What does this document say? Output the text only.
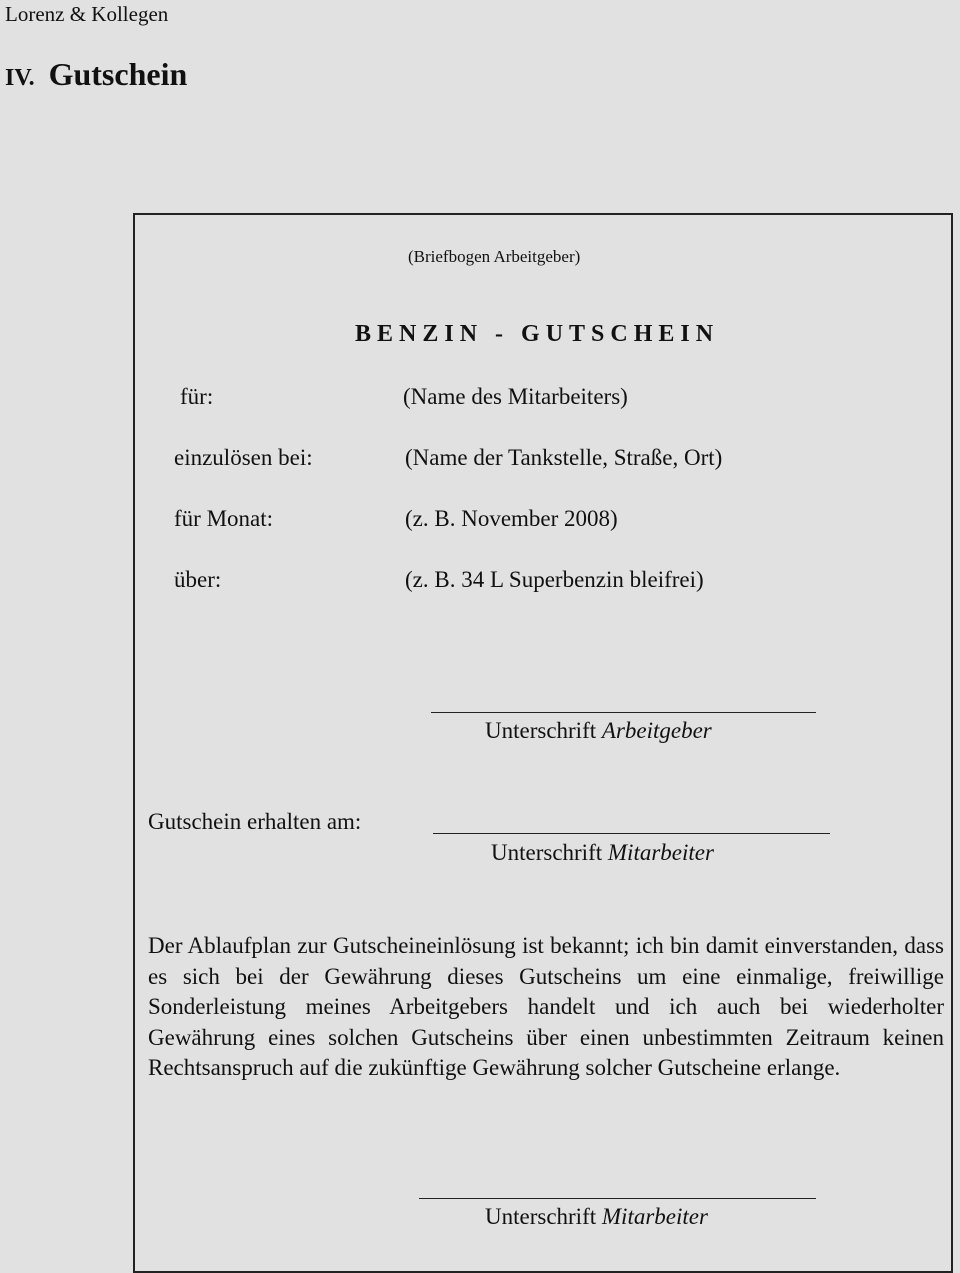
Lorenz & Kollegen
IV. Gutschein
(Briefbogen Arbeitgeber)
BENZIN - GUTSCHEIN
für:	(Name des Mitarbeiters)
einzulösen bei:	(Name der Tankstelle, Straße, Ort)
für Monat:	(z. B. November 2008)
über:	(z. B. 34 L Superbenzin bleifrei)
Unterschrift Arbeitgeber
Gutschein erhalten am:
Unterschrift Mitarbeiter
Der Ablaufplan zur Gutscheineinlösung ist bekannt; ich bin damit einverstanden, dass es sich bei der Gewährung dieses Gutscheins um eine einmalige, freiwillige Sonderleistung meines Arbeitgebers handelt und ich auch bei wiederholter Gewährung eines solchen Gutscheins über einen unbestimmten Zeitraum keinen Rechtsanspruch auf die zukünftige Gewährung solcher Gutscheine erlange.
Unterschrift Mitarbeiter
